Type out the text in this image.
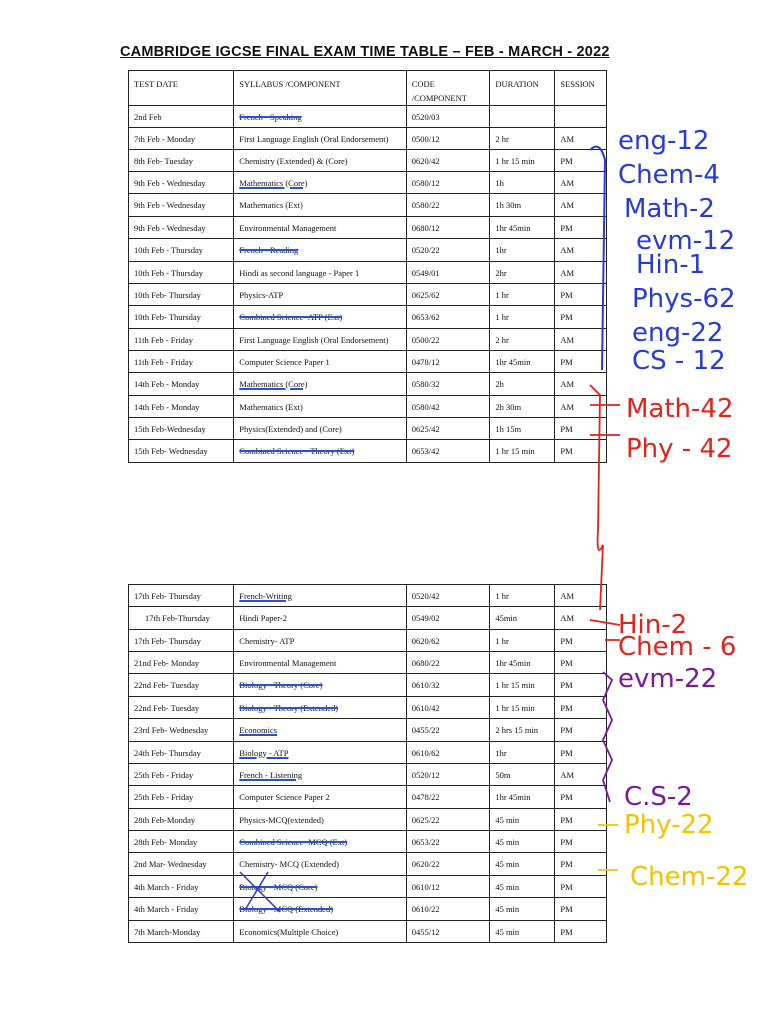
CAMBRIDGE IGCSE FINAL EXAM TIME TABLE – FEB - MARCH - 2022
TEST DATE	SYLLABUS /COMPONENT	CODE /COMPONENT	DURATION	SESSION
2nd Feb	French - Speaking	0520/03		
7th Feb - Monday	First Language English (Oral Endorsement)	0500/12	2 hr	AM
8th Feb- Tuesday	Chemistry (Extended) & (Core)	0620/42	1 hr 15 min	PM
9th Feb - Wednesday	Mathematics (Core)	0580/12	1h	AM
9th Feb - Wednesday	Mathematics (Ext)	0580/22	1h 30m	AM
9th Feb - Wednesday	Environmental Management	0680/12	1hr 45min	PM
10th Feb - Thursday	French - Reading	0520/22	1hr	AM
10th Feb - Thursday	Hindi as second language - Paper 1	0549/01	2hr	AM
10th Feb- Thursday	Physics-ATP	0625/62	1 hr	PM
10th Feb- Thursday	Combined Science- ATP (Ext)	0653/62	1 hr	PM
11th Feb - Friday	First Language English (Oral Endorsement)	0500/22	2 hr	AM
11th Feb - Friday	Computer Science Paper 1	0478/12	1hr 45min	PM
14th Feb - Monday	Mathematics (Core)	0580/32	2h	AM
14th Feb - Monday	Mathematics (Ext)	0580/42	2h 30m	AM
15th Feb-Wednesday	Physics(Extended) and (Core)	0625/42	1h 15m	PM
15th Feb- Wednesday	Combined Science - Theory (Ext)	0653/42	1 hr 15 min	PM

17th Feb- Thursday	French-Writing	0520/42	1 hr	AM
17th Feb-Thursday	Hindi Paper-2	0549/02	45min	AM
17th Feb- Thursday	Chemistry- ATP	0620/62	1 hr	PM
21nd Feb- Monday	Environmental Management	0680/22	1hr 45min	PM
22nd Feb- Tuesday	Biology - Theory (Core)	0610/32	1 hr 15 min	PM
22nd Feb- Tuesday	Biology - Theory (Extended)	0610/42	1 hr 15 min	PM
23rd Feb- Wednesday	Economics	0455/22	2 hrs 15 min	PM
24th Feb- Thursday	Biology - ATP	0610/62	1hr	PM
25th Feb - Friday	French - Listening	0520/12	50m	AM
25th Feb - Friday	Computer Science Paper 2	0478/22	1hr 45min	PM
28th Feb-Monday	Physics-MCQ(extended)	0625/22	45 min	PM
28th Feb- Monday	Combined Science- MCQ (Ext)	0653/22	45 min	PM
2nd Mar- Wednesday	Chemistry- MCQ (Extended)	0620/22	45 min	PM
4th March - Friday	Biology - MCQ (Core)	0610/12	45 min	PM
4th March - Friday	Biology - MCQ (Extended)	0610/22	45 min	PM
7th March-Monday	Economics(Multiple Choice)	0455/12	45 min	PM
eng-12
Chem-4
Math-2
evm-12
Hin-1
Phys-62
eng-22
CS - 12
Math-42
Phy - 42
Hin-2
Chem - 6
evm-22
C.S-2
Phy-22
Chem-22
